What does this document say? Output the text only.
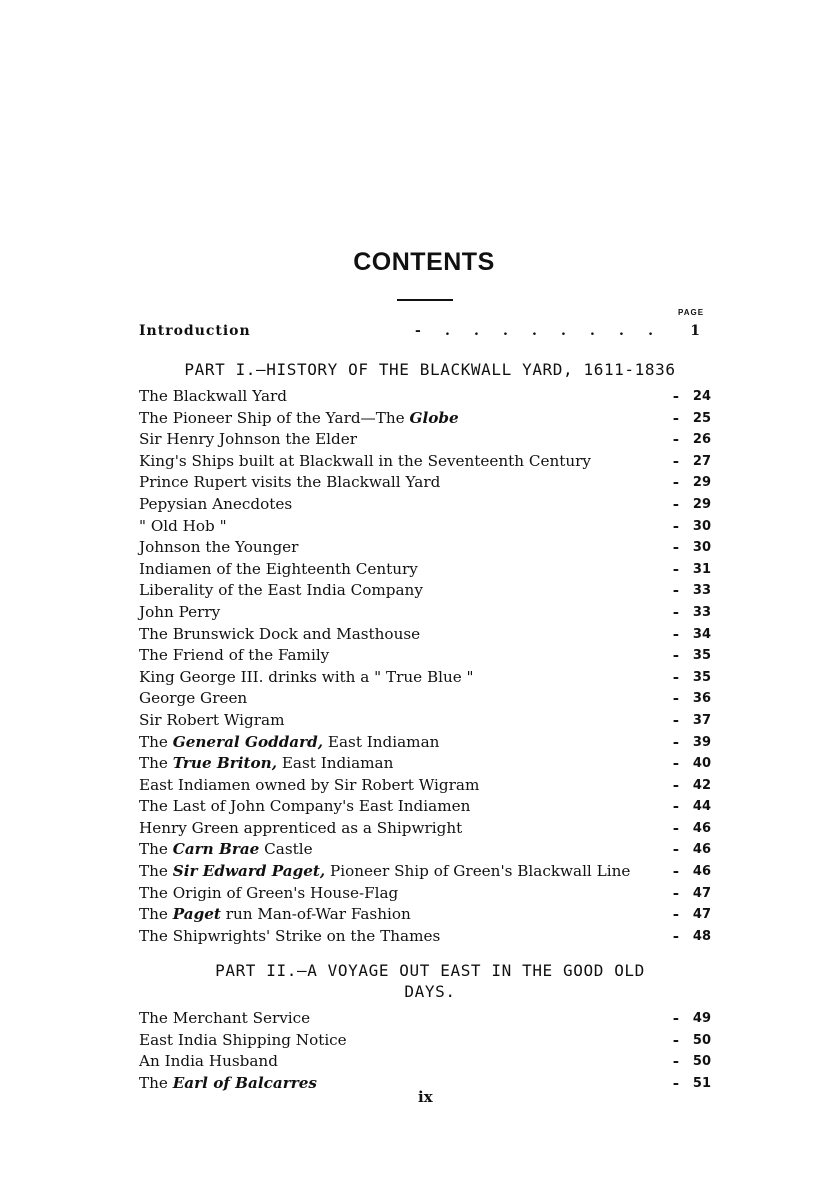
CONTENTS
PAGE
Introduction	- . . . . . . . .	1
PART I.—HISTORY OF THE BLACKWALL YARD, 1611-1836
The Blackwall Yard	-	24
The Pioneer Ship of the Yard—The Globe	-	25
Sir Henry Johnson the Elder	-	26
King's Ships built at Blackwall in the Seventeenth Century	-	27
Prince Rupert visits the Blackwall Yard	-	29
Pepysian Anecdotes	-	29
" Old Hob "	-	30
Johnson the Younger	-	30
Indiamen of the Eighteenth Century	-	31
Liberality of the East India Company	-	33
John Perry	-	33
The Brunswick Dock and Masthouse	-	34
The Friend of the Family	-	35
King George III. drinks with a " True Blue "	-	35
George Green	-	36
Sir Robert Wigram	-	37
The General Goddard, East Indiaman	-	39
The True Briton, East Indiaman	-	40
East Indiamen owned by Sir Robert Wigram	-	42
The Last of John Company's East Indiamen	-	44
Henry Green apprenticed as a Shipwright	-	46
The Carn Brae Castle	-	46
The Sir Edward Paget, Pioneer Ship of Green's Blackwall Line	-	46
The Origin of Green's House-Flag	-	47
The Paget run Man-of-War Fashion	-	47
The Shipwrights' Strike on the Thames	-	48
PART II.—A VOYAGE OUT EAST IN THE GOOD OLD
DAYS.
The Merchant Service	-	49
East India Shipping Notice	-	50
An India Husband	-	50
The Earl of Balcarres	-	51
ix
